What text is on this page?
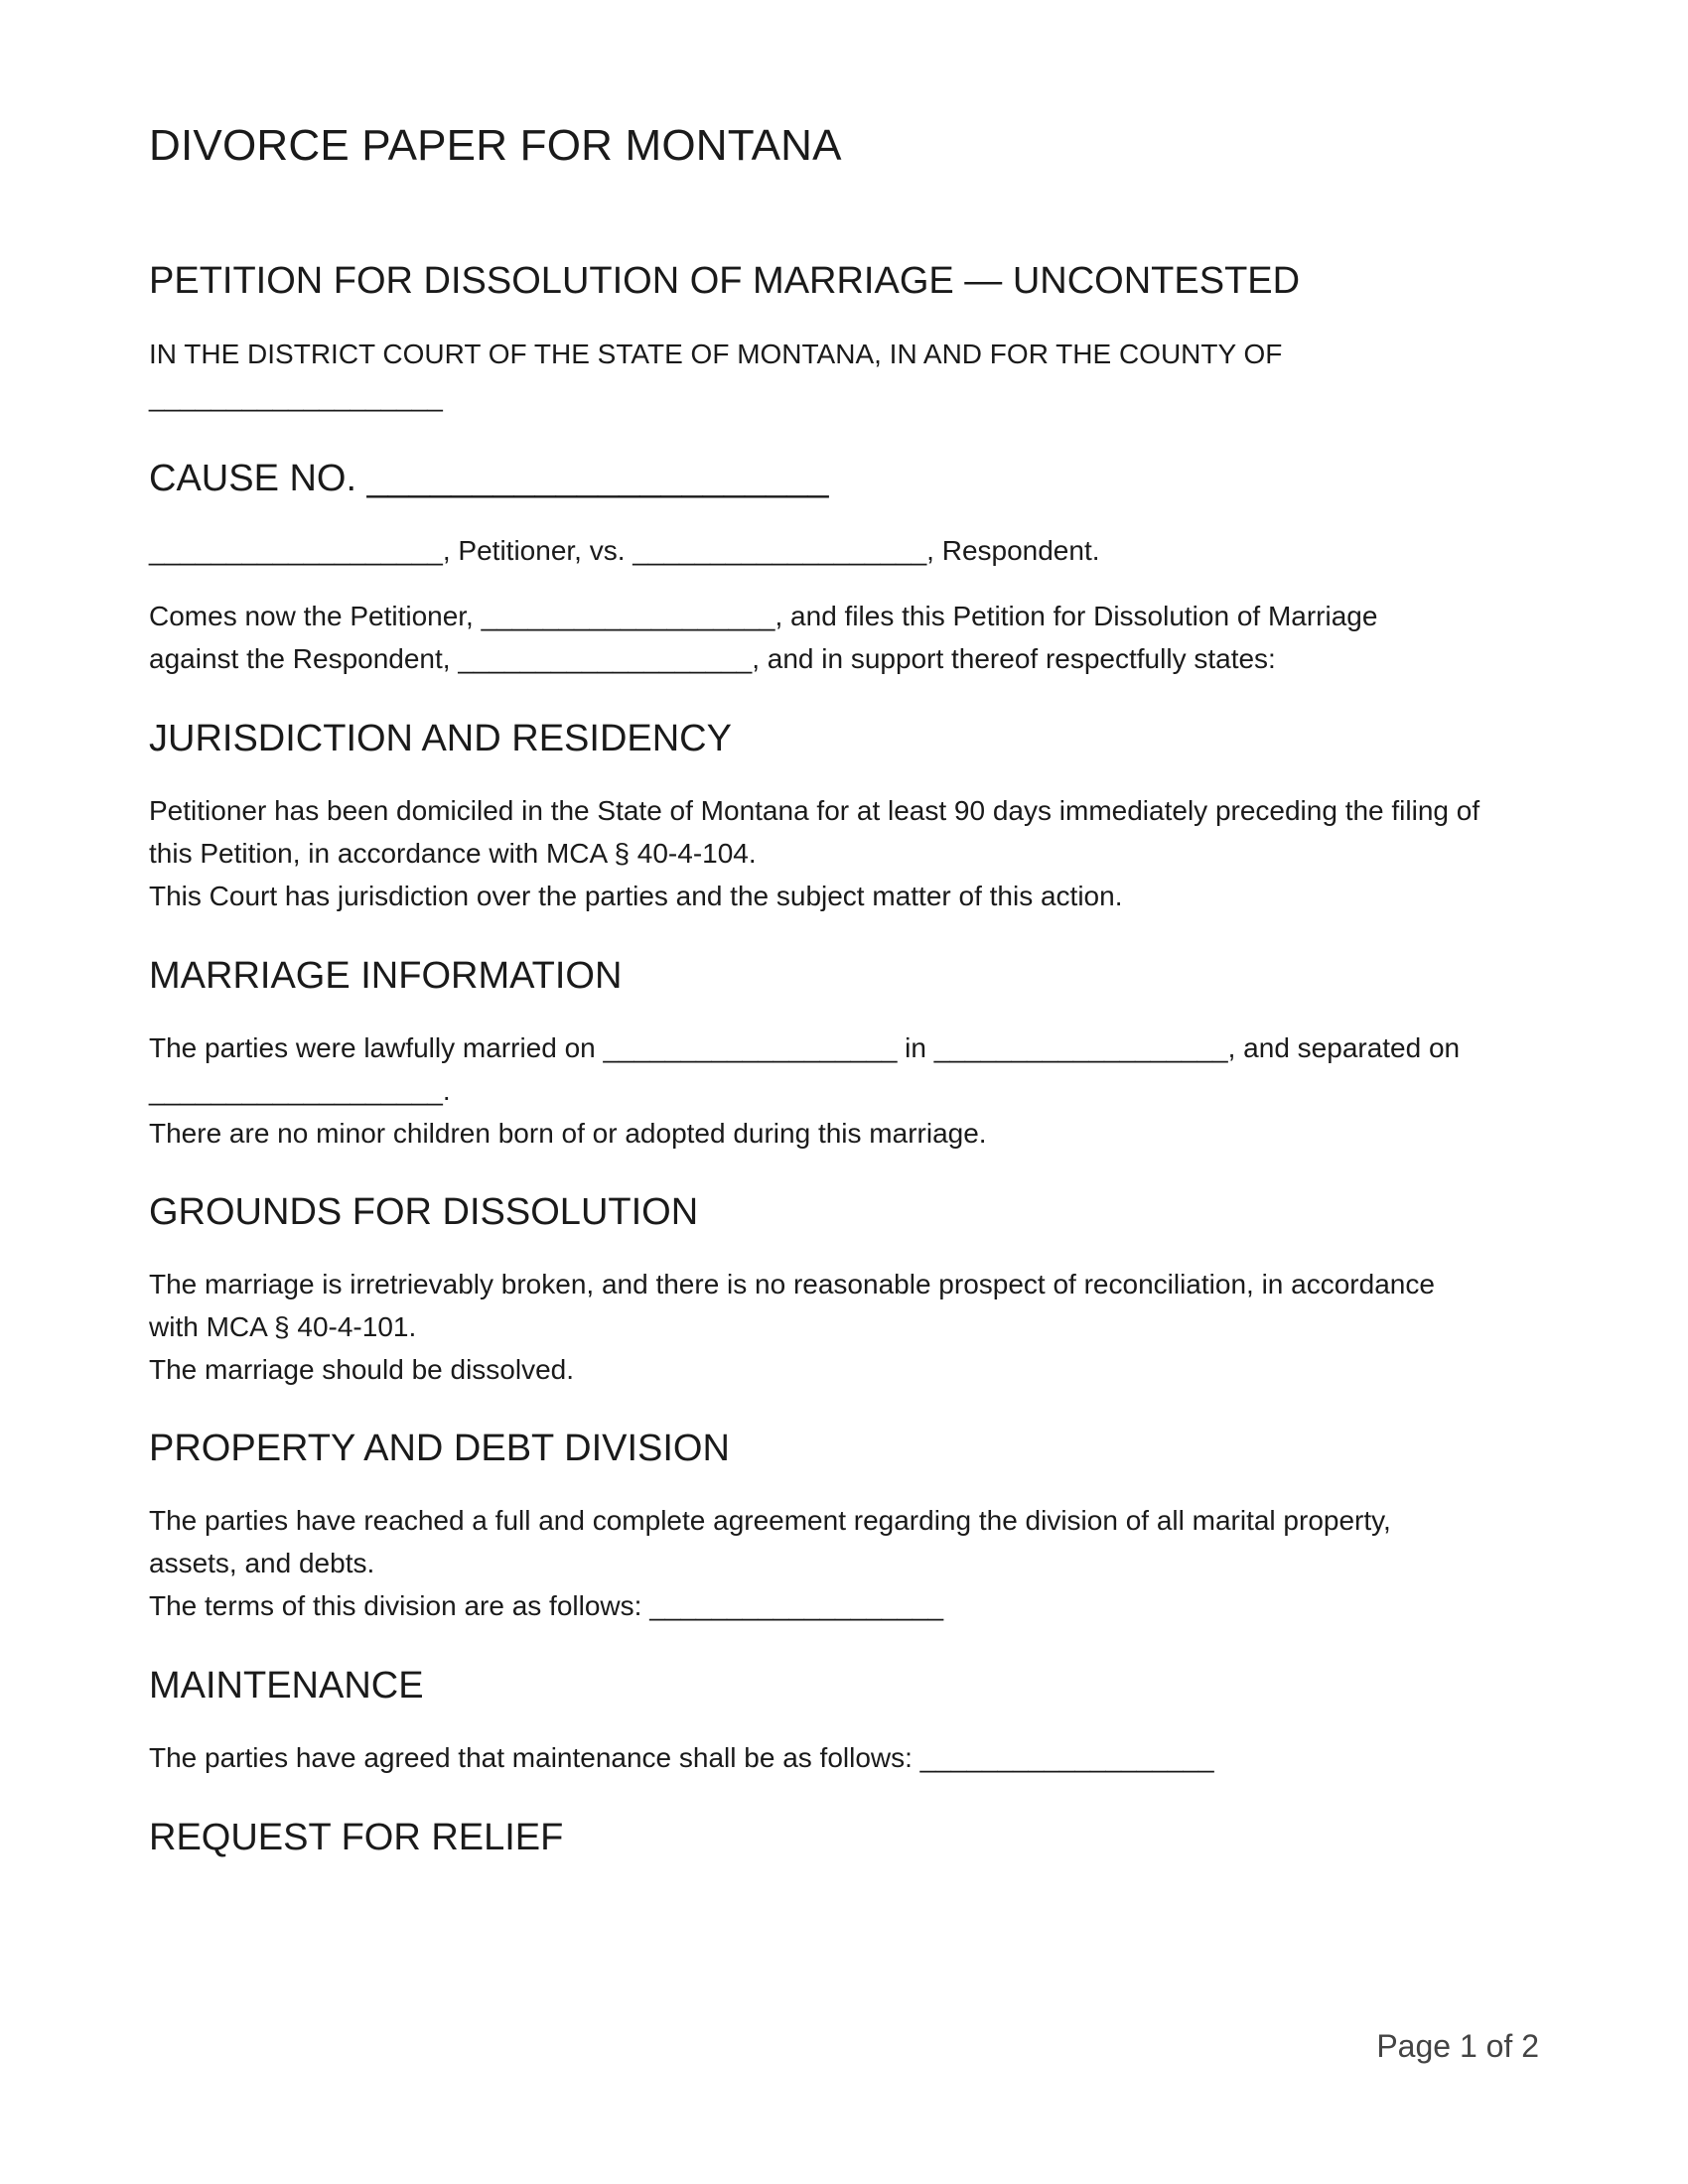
DIVORCE PAPER FOR MONTANA
PETITION FOR DISSOLUTION OF MARRIAGE — UNCONTESTED

IN THE DISTRICT COURT OF THE STATE OF MONTANA, IN AND FOR THE COUNTY OF
___________________

CAUSE NO. ______________________

___________________, Petitioner, vs. ___________________, Respondent.

Comes now the Petitioner, ___________________, and files this Petition for Dissolution of Marriage
against the Respondent, ___________________, and in support thereof respectfully states:

JURISDICTION AND RESIDENCY

Petitioner has been domiciled in the State of Montana for at least 90 days immediately preceding the filing of
this Petition, in accordance with MCA § 40-4-104.
This Court has jurisdiction over the parties and the subject matter of this action.

MARRIAGE INFORMATION

The parties were lawfully married on ___________________ in ___________________, and separated on
___________________.
There are no minor children born of or adopted during this marriage.

GROUNDS FOR DISSOLUTION

The marriage is irretrievably broken, and there is no reasonable prospect of reconciliation, in accordance
with MCA § 40-4-101.
The marriage should be dissolved.

PROPERTY AND DEBT DIVISION

The parties have reached a full and complete agreement regarding the division of all marital property,
assets, and debts.
The terms of this division are as follows: ___________________

MAINTENANCE

The parties have agreed that maintenance shall be as follows: ___________________

REQUEST FOR RELIEF
Page 1 of 2
